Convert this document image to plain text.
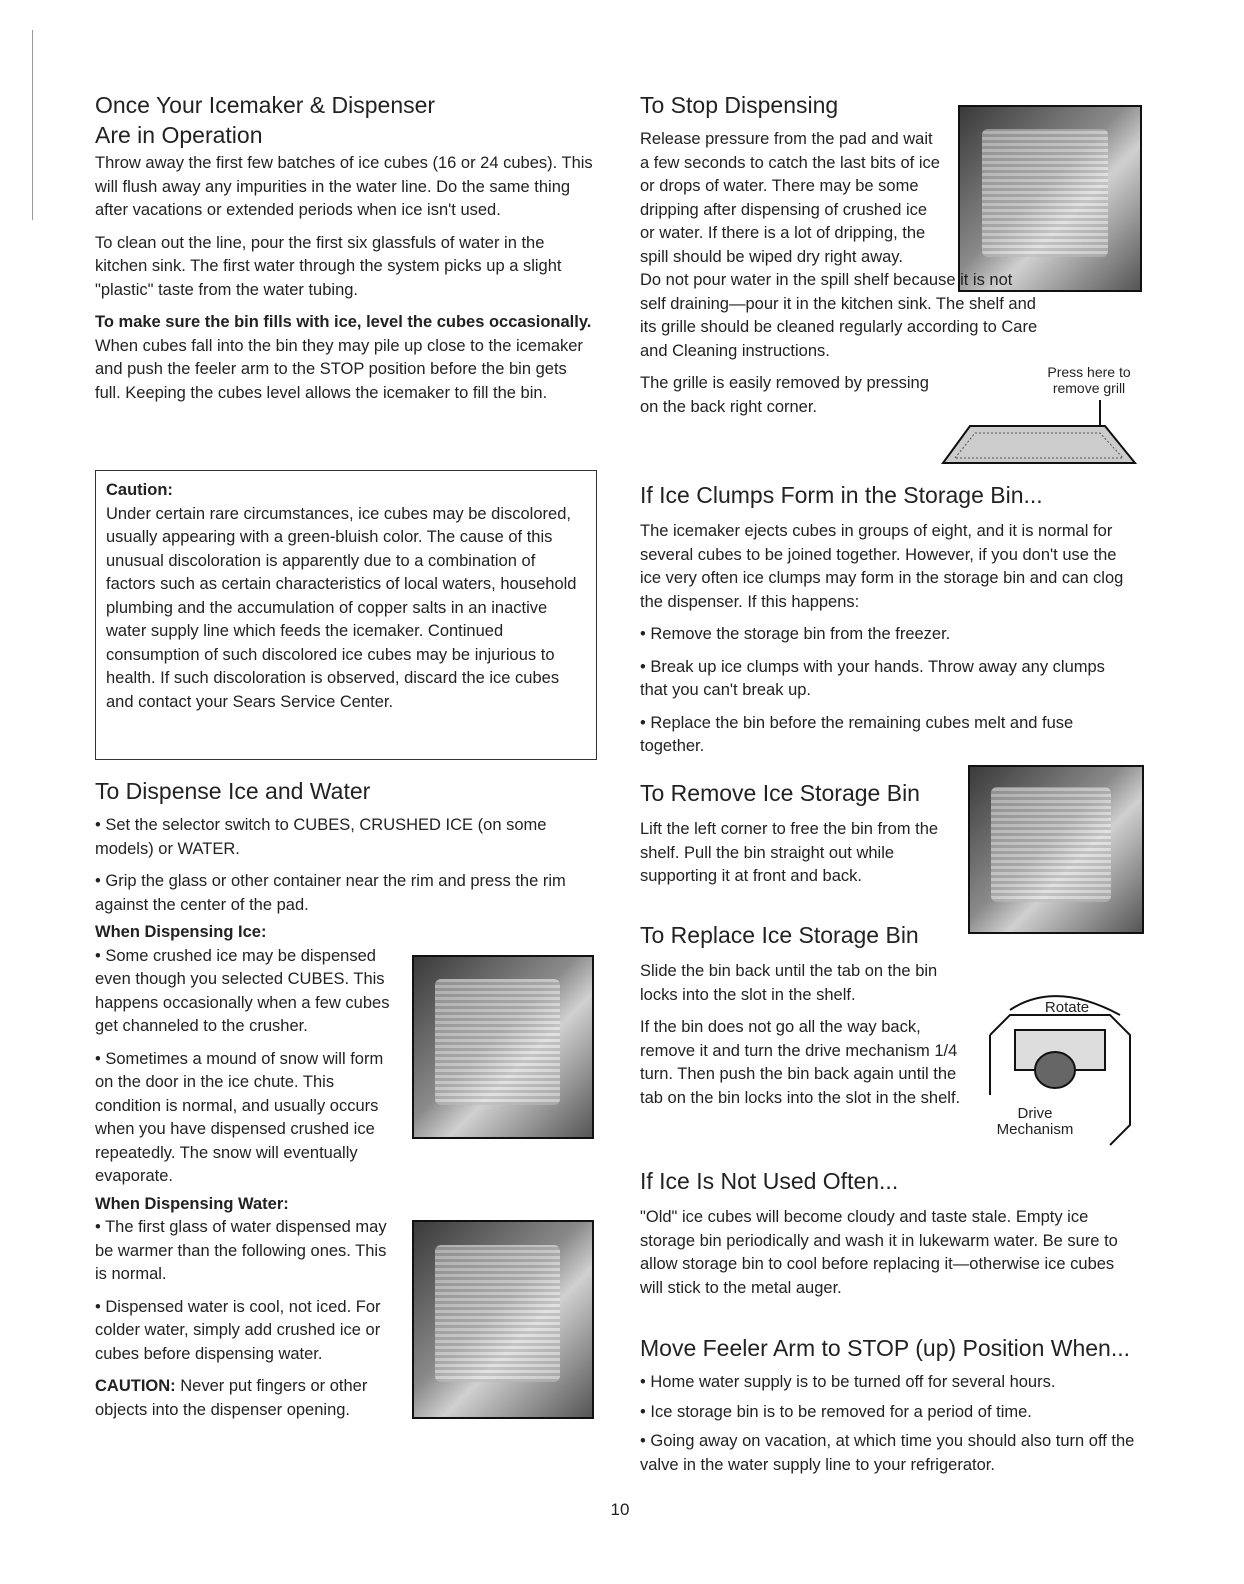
Once Your Icemaker & Dispenser
Are in Operation

Throw away the first few batches of ice cubes (16 or 24 cubes). This will flush away any impurities in the water line. Do the same thing after vacations or extended periods when ice isn't used.

To clean out the line, pour the first six glassfuls of water in the kitchen sink. The first water through the system picks up a slight "plastic" taste from the water tubing.

To make sure the bin fills with ice, level the cubes occasionally. When cubes fall into the bin they may pile up close to the icemaker and push the feeler arm to the STOP position before the bin gets full. Keeping the cubes level allows the icemaker to fill the bin.

Caution:

Under certain rare circumstances, ice cubes may be discolored, usually appearing with a green-bluish color. The cause of this unusual discoloration is apparently due to a combination of factors such as certain characteristics of local waters, household plumbing and the accumulation of copper salts in an inactive water supply line which feeds the icemaker. Continued consumption of such discolored ice cubes may be injurious to health. If such discoloration is observed, discard the ice cubes and contact your Sears Service Center.

To Dispense Ice and Water

• Set the selector switch to CUBES, CRUSHED ICE (on some models) or WATER.

• Grip the glass or other container near the rim and press the rim against the center of the pad.

When Dispensing Ice:

• Some crushed ice may be dispensed even though you selected CUBES. This happens occasionally when a few cubes get channeled to the crusher.

• Sometimes a mound of snow will form on the door in the ice chute. This condition is normal, and usually occurs when you have dispensed crushed ice repeatedly. The snow will eventually evaporate.

When Dispensing Water:

• The first glass of water dispensed may be warmer than the following ones. This is normal.

• Dispensed water is cool, not iced. For colder water, simply add crushed ice or cubes before dispensing water.

CAUTION: Never put fingers or other objects into the dispenser opening.

To Stop Dispensing

Release pressure from the pad and wait a few seconds to catch the last bits of ice or drops of water. There may be some dripping after dispensing of crushed ice or water. If there is a lot of dripping, the spill should be wiped dry right away.

Do not pour water in the spill shelf because it is not self draining—pour it in the kitchen sink. The shelf and its grille should be cleaned regularly according to Care and Cleaning instructions.

The grille is easily removed by pressing on the back right corner.

Press here to remove grill
If Ice Clumps Form in the Storage Bin...

The icemaker ejects cubes in groups of eight, and it is normal for several cubes to be joined together. However, if you don't use the ice very often ice clumps may form in the storage bin and can clog the dispenser. If this happens:

• Remove the storage bin from the freezer.

• Break up ice clumps with your hands. Throw away any clumps that you can't break up.

• Replace the bin before the remaining cubes melt and fuse together.

To Remove Ice Storage Bin

Lift the left corner to free the bin from the shelf. Pull the bin straight out while supporting it at front and back.

To Replace Ice Storage Bin

Slide the bin back until the tab on the bin locks into the slot in the shelf.

If the bin does not go all the way back, remove it and turn the drive mechanism 1/4 turn. Then push the bin back again until the tab on the bin locks into the slot in the shelf.

Rotate
Drive Mechanism
If Ice Is Not Used Often...

"Old" ice cubes will become cloudy and taste stale. Empty ice storage bin periodically and wash it in lukewarm water. Be sure to allow storage bin to cool before replacing it—otherwise ice cubes will stick to the metal auger.

Move Feeler Arm to STOP (up) Position When...

• Home water supply is to be turned off for several hours.

• Ice storage bin is to be removed for a period of time.

• Going away on vacation, at which time you should also turn off the valve in the water supply line to your refrigerator.

10
